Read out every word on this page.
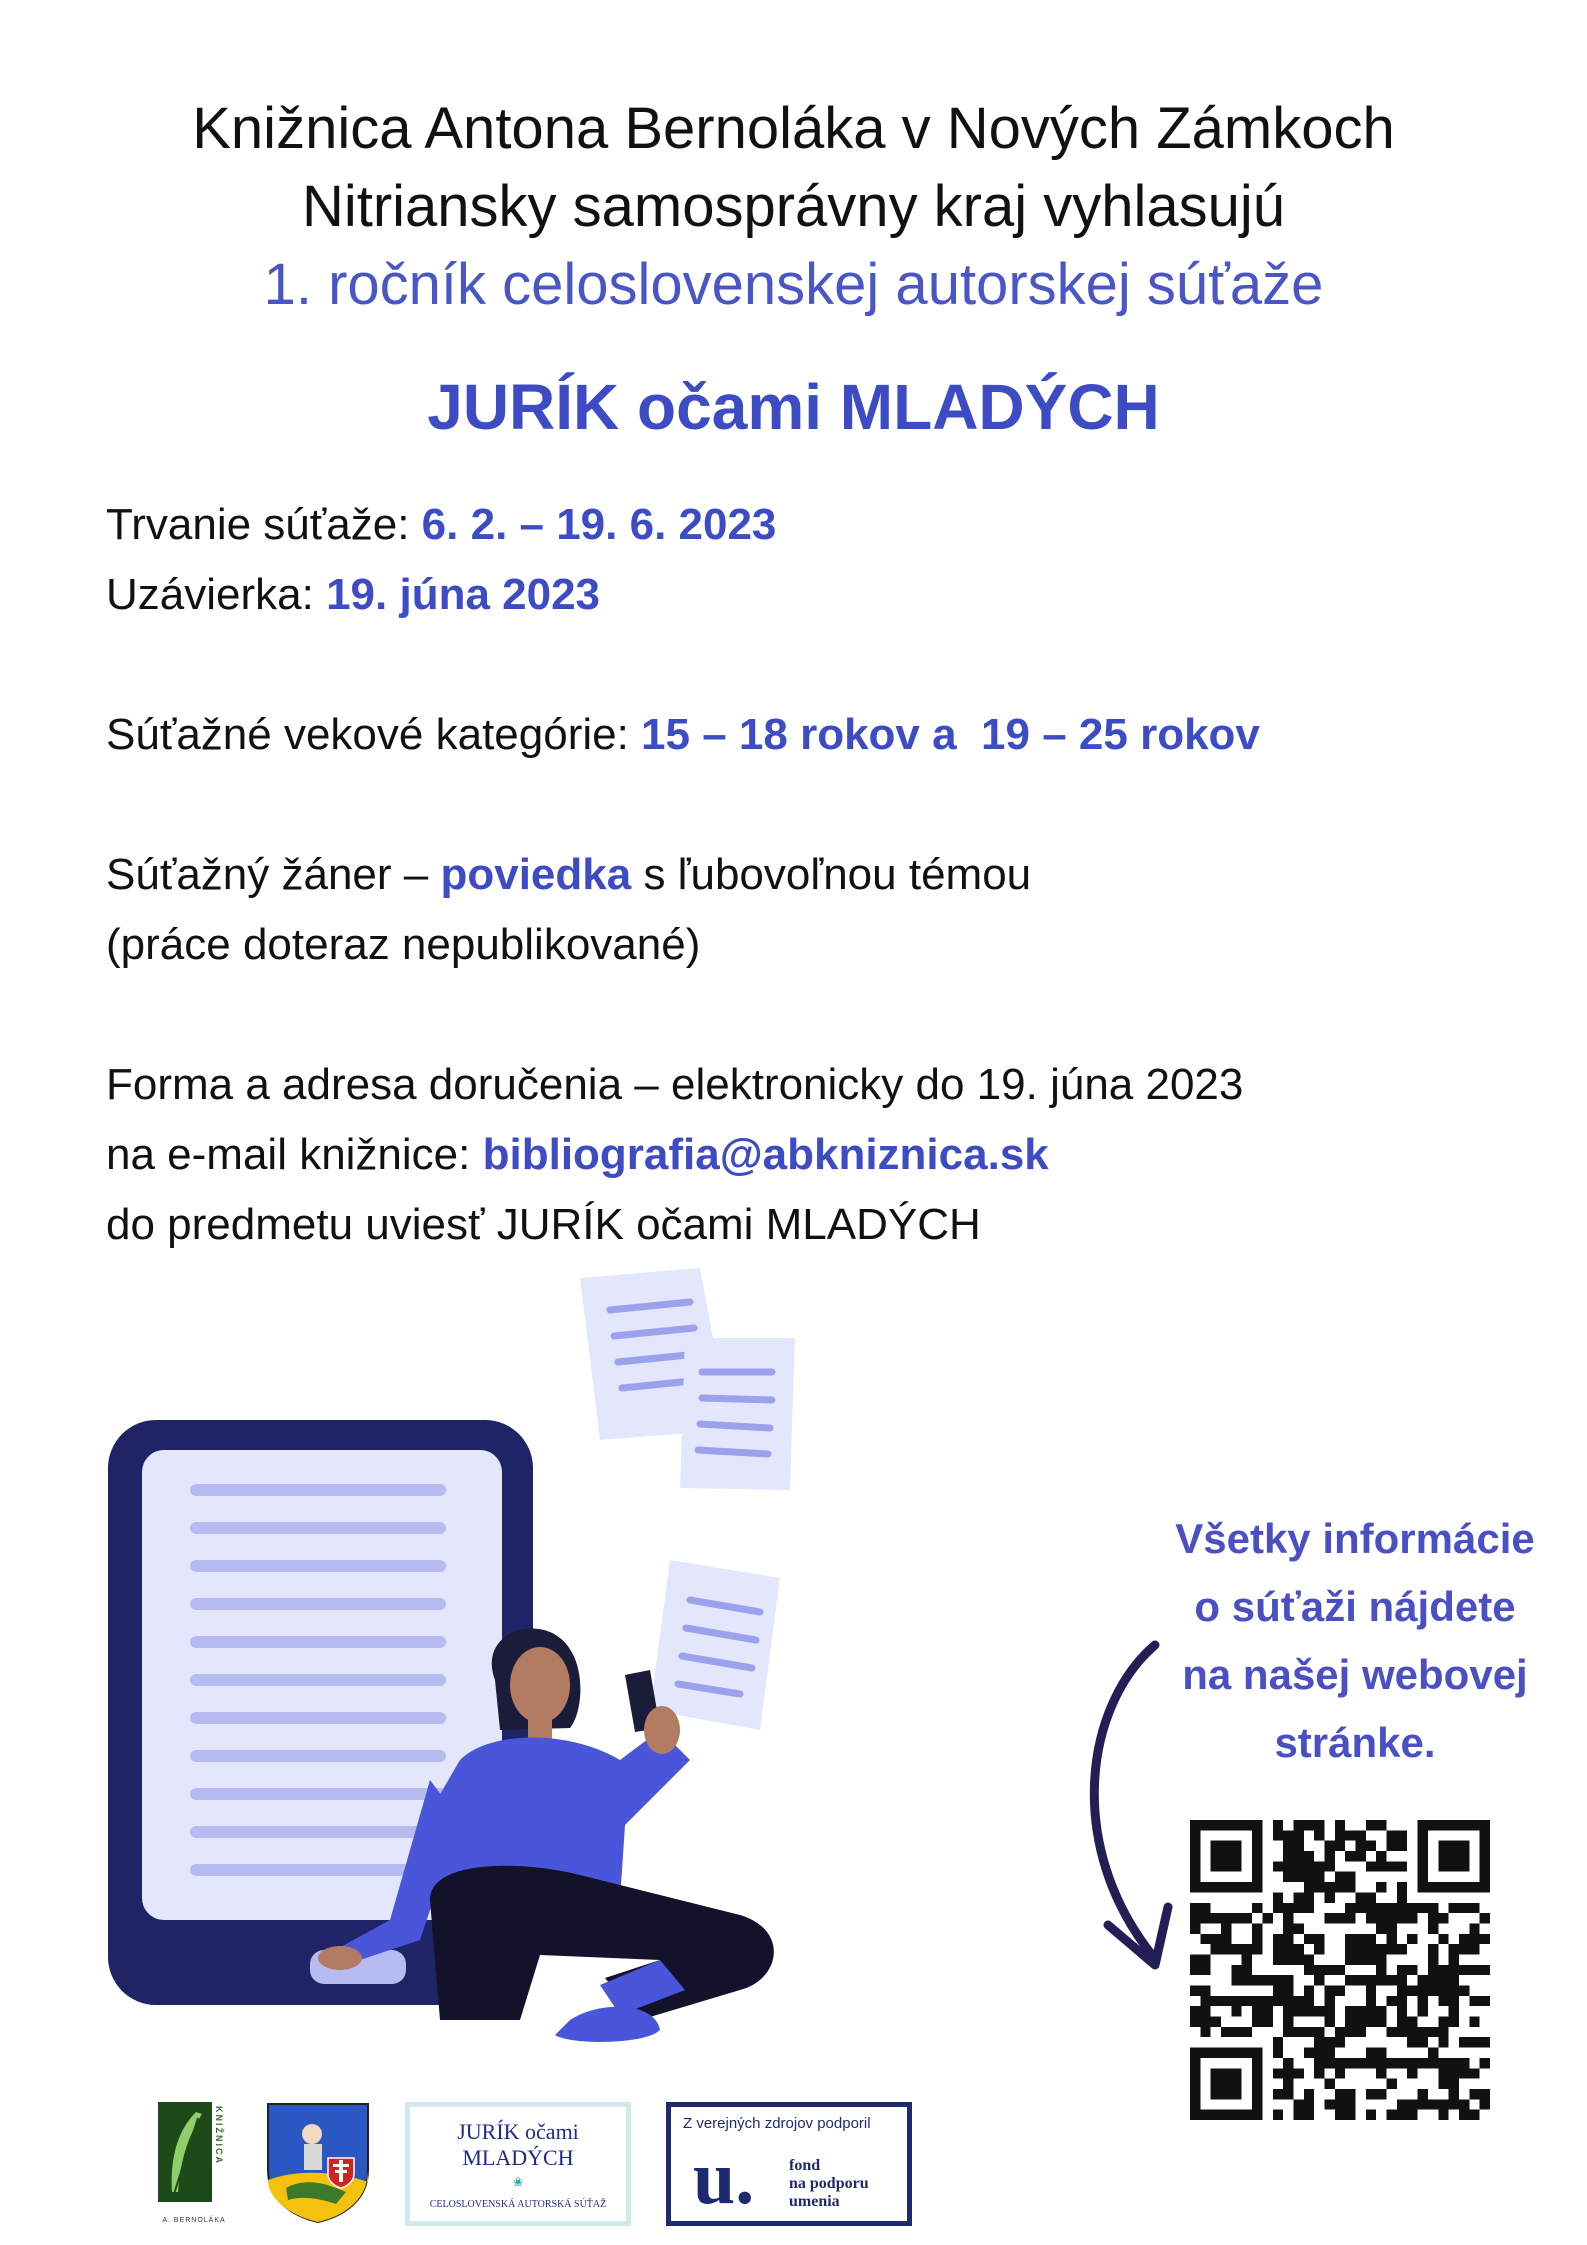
Knižnica Antona Bernoláka v Nových Zámkoch
Nitriansky samosprávny kraj vyhlasujú
1. ročník celoslovenskej autorskej súťaže
JURÍK očami MLADÝCH
Trvanie súťaže: 6. 2. – 19. 6. 2023
Uzávierka: 19. júna 2023
Súťažné vekové kategórie: 15 – 18 rokov a  19 – 25 rokov
Súťažný žáner – poviedka s ľubovoľnou témou
(práce doteraz nepublikované)
Forma a adresa doručenia – elektronicky do 19. júna 2023
na e-mail knižnice: bibliografia@abkniznica.sk
do predmetu uviesť JURÍK očami MLADÝCH
Všetky informácie
o súťaži nájdete
na našej webovej
stránke.
KNIŽNICA
A. BERNOLÁKA
JURÍK očami
MLADÝCH
❀
CELOSLOVENSKÁ AUTORSKÁ SÚŤAŽ
Z verejných zdrojov podporil
u. fond
na podporu
umenia
